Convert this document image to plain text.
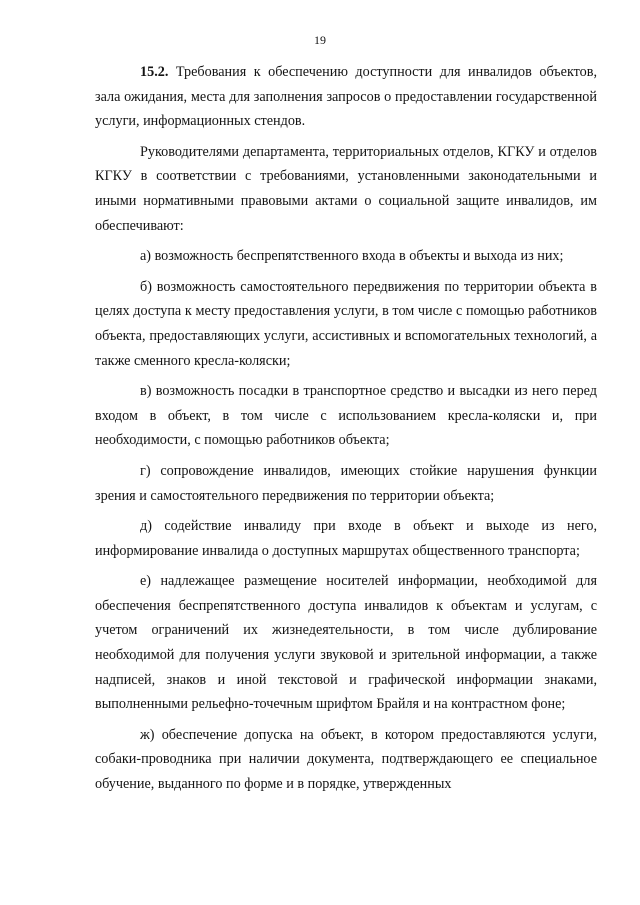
19

15.2. Требования к обеспечению доступности для инвалидов объектов, зала ожидания, места для заполнения запросов о предоставлении государственной услуги, информационных стендов.

Руководителями департамента, территориальных отделов, КГКУ и отделов КГКУ в соответствии с требованиями, установленными законодательными и иными нормативными правовыми актами о социальной защите инвалидов, им обеспечивают:

а) возможность беспрепятственного входа в объекты и выхода из них;

б) возможность самостоятельного передвижения по территории объекта в целях доступа к месту предоставления услуги, в том числе с помощью работников объекта, предоставляющих услуги, ассистивных и вспомогательных технологий, а также сменного кресла-коляски;

в) возможность посадки в транспортное средство и высадки из него перед входом в объект, в том числе с использованием кресла-коляски и, при необходимости, с помощью работников объекта;

г) сопровождение инвалидов, имеющих стойкие нарушения функции зрения и самостоятельного передвижения по территории объекта;

д) содействие инвалиду при входе в объект и выходе из него, информирование инвалида о доступных маршрутах общественного транспорта;

е) надлежащее размещение носителей информации, необходимой для обеспечения беспрепятственного доступа инвалидов к объектам и услугам, с учетом ограничений их жизнедеятельности, в том числе дублирование необходимой для получения услуги звуковой и зрительной информации, а также надписей, знаков и иной текстовой и графической информации знаками, выполненными рельефно-точечным шрифтом Брайля и на контрастном фоне;

ж) обеспечение допуска на объект, в котором предоставляются услуги, собаки-проводника при наличии документа, подтверждающего ее специальное обучение, выданного по форме и в порядке, утвержденных
